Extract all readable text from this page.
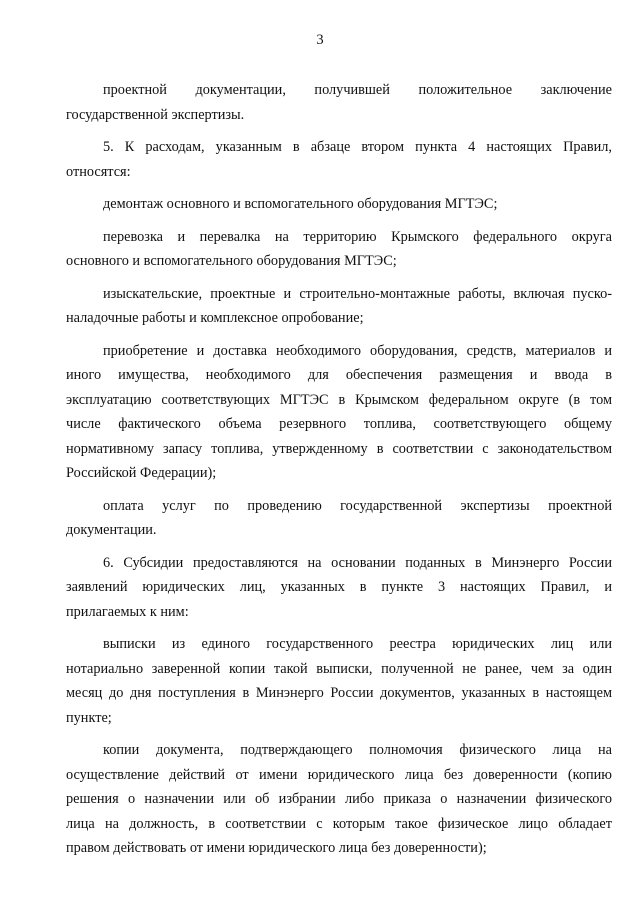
3

проектной документации, получившей положительное заключение
государственной экспертизы.

5. К расходам, указанным в абзаце втором пункта 4 настоящих Правил,
относятся:

демонтаж основного и вспомогательного оборудования МГТЭС;

перевозка и перевалка на территорию Крымского федерального округа
основного и вспомогательного оборудования МГТЭС;

изыскательские, проектные и строительно-монтажные работы, включая пуско-
наладочные работы и комплексное опробование;

приобретение и доставка необходимого оборудования, средств, материалов и
иного имущества, необходимого для обеспечения размещения и ввода в
эксплуатацию соответствующих МГТЭС в Крымском федеральном округе (в том
числе фактического объема резервного топлива, соответствующего общему
нормативному запасу топлива, утвержденному в соответствии с законодательством
Российской Федерации);

оплата услуг по проведению государственной экспертизы проектной
документации.

6. Субсидии предоставляются на основании поданных в Минэнерго России
заявлений юридических лиц, указанных в пункте 3 настоящих Правил, и
прилагаемых к ним:

выписки из единого государственного реестра юридических лиц или
нотариально заверенной копии такой выписки, полученной не ранее, чем за один
месяц до дня поступления в Минэнерго России документов, указанных в настоящем
пункте;

копии документа, подтверждающего полномочия физического лица на
осуществление действий от имени юридического лица без доверенности (копию
решения о назначении или об избрании либо приказа о назначении физического
лица на должность, в соответствии с которым такое физическое лицо обладает
правом действовать от имени юридического лица без доверенности);
